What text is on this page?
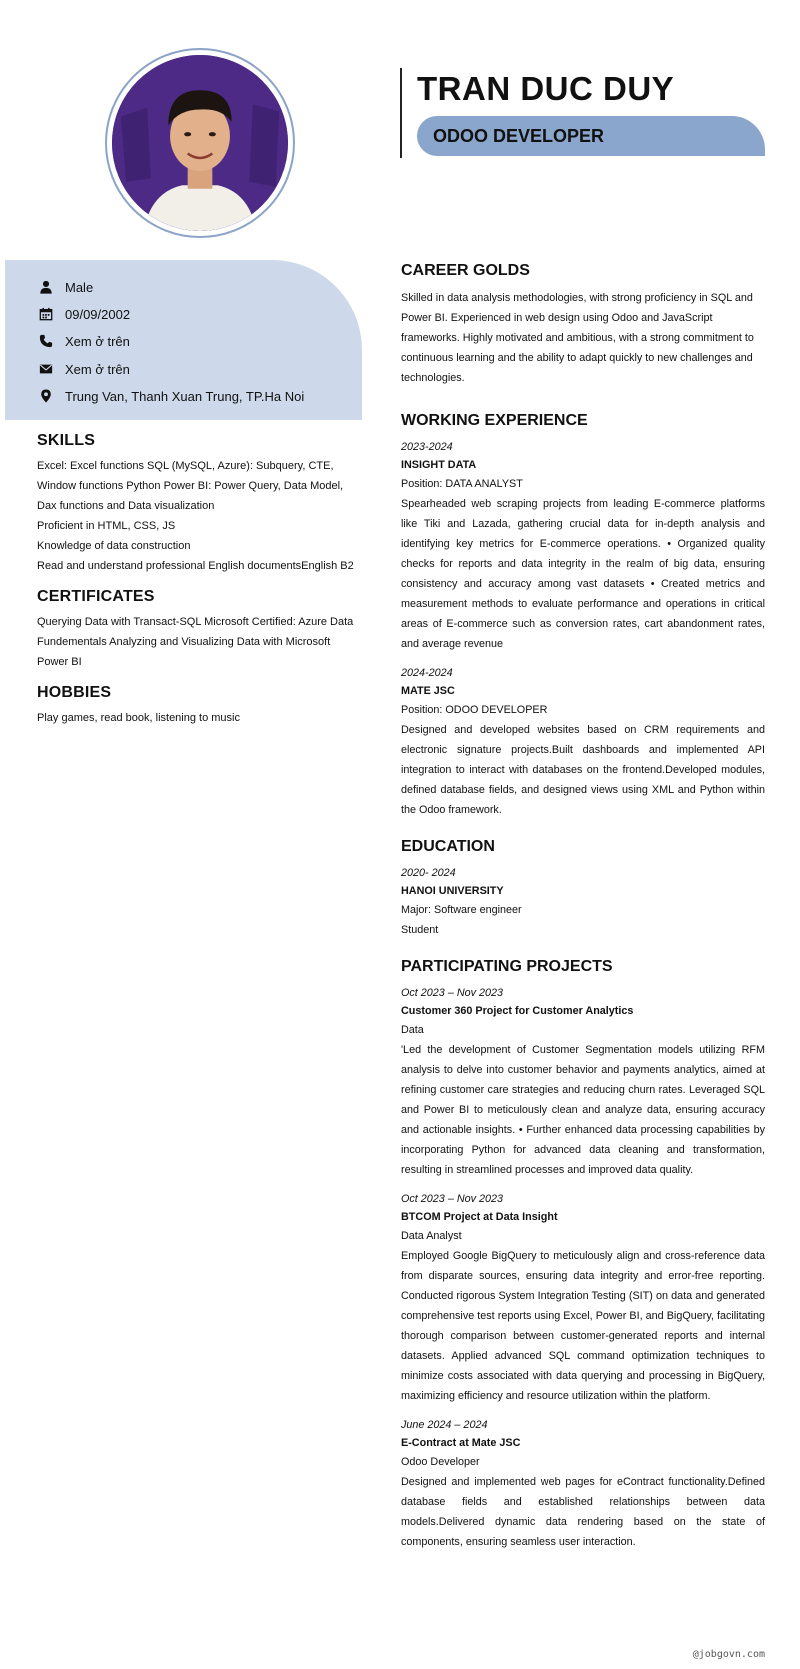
TRAN DUC DUY
ODOO DEVELOPER
Male
09/09/2002
Xem ở trên
Xem ở trên
Trung Van, Thanh Xuan Trung, TP.Ha Noi
SKILLS
Excel: Excel functions SQL (MySQL, Azure): Subquery, CTE, Window functions Python Power BI: Power Query, Data Model, Dax functions and Data visualization
Proficient in HTML, CSS, JS
Knowledge of data construction
Read and understand professional English documentsEnglish B2
CERTIFICATES
Querying Data with Transact-SQL Microsoft Certified: Azure Data Fundementals Analyzing and Visualizing Data with Microsoft Power BI
HOBBIES
Play games, read book, listening to music
CAREER GOLDS
Skilled in data analysis methodologies, with strong proficiency in SQL and Power BI. Experienced in web design using Odoo and JavaScript frameworks. Highly motivated and ambitious, with a strong commitment to continuous learning and the ability to adapt quickly to new challenges and technologies.
WORKING EXPERIENCE
2023-2024
INSIGHT DATA
Position: DATA ANALYST
Spearheaded web scraping projects from leading E-commerce platforms like Tiki and Lazada, gathering crucial data for in-depth analysis and identifying key metrics for E-commerce operations. • Organized quality checks for reports and data integrity in the realm of big data, ensuring consistency and accuracy among vast datasets • Created metrics and measurement methods to evaluate performance and operations in critical areas of E-commerce such as conversion rates, cart abandonment rates, and average revenue
2024-2024
MATE JSC
Position: ODOO DEVELOPER
Designed and developed websites based on CRM requirements and electronic signature projects.Built dashboards and implemented API integration to interact with databases on the frontend.Developed modules, defined database fields, and designed views using XML and Python within the Odoo framework.
EDUCATION
2020- 2024
HANOI UNIVERSITY
Major: Software engineer
Student
PARTICIPATING PROJECTS
Oct 2023 – Nov 2023
Customer 360 Project for Customer Analytics
Data
'Led the development of Customer Segmentation models utilizing RFM analysis to delve into customer behavior and payments analytics, aimed at refining customer care strategies and reducing churn rates. Leveraged SQL and Power BI to meticulously clean and analyze data, ensuring accuracy and actionable insights. • Further enhanced data processing capabilities by incorporating Python for advanced data cleaning and transformation, resulting in streamlined processes and improved data quality.
Oct 2023 – Nov 2023
BTCOM Project at Data Insight
Data Analyst
Employed Google BigQuery to meticulously align and cross-reference data from disparate sources, ensuring data integrity and error-free reporting. Conducted rigorous System Integration Testing (SIT) on data and generated comprehensive test reports using Excel, Power BI, and BigQuery, facilitating thorough comparison between customer-generated reports and internal datasets. Applied advanced SQL command optimization techniques to minimize costs associated with data querying and processing in BigQuery, maximizing efficiency and resource utilization within the platform.
June 2024 – 2024
E-Contract at Mate JSC
Odoo Developer
Designed and implemented web pages for eContract functionality.Defined database fields and established relationships between data models.Delivered dynamic data rendering based on the state of components, ensuring seamless user interaction.
@jobgovn.com
